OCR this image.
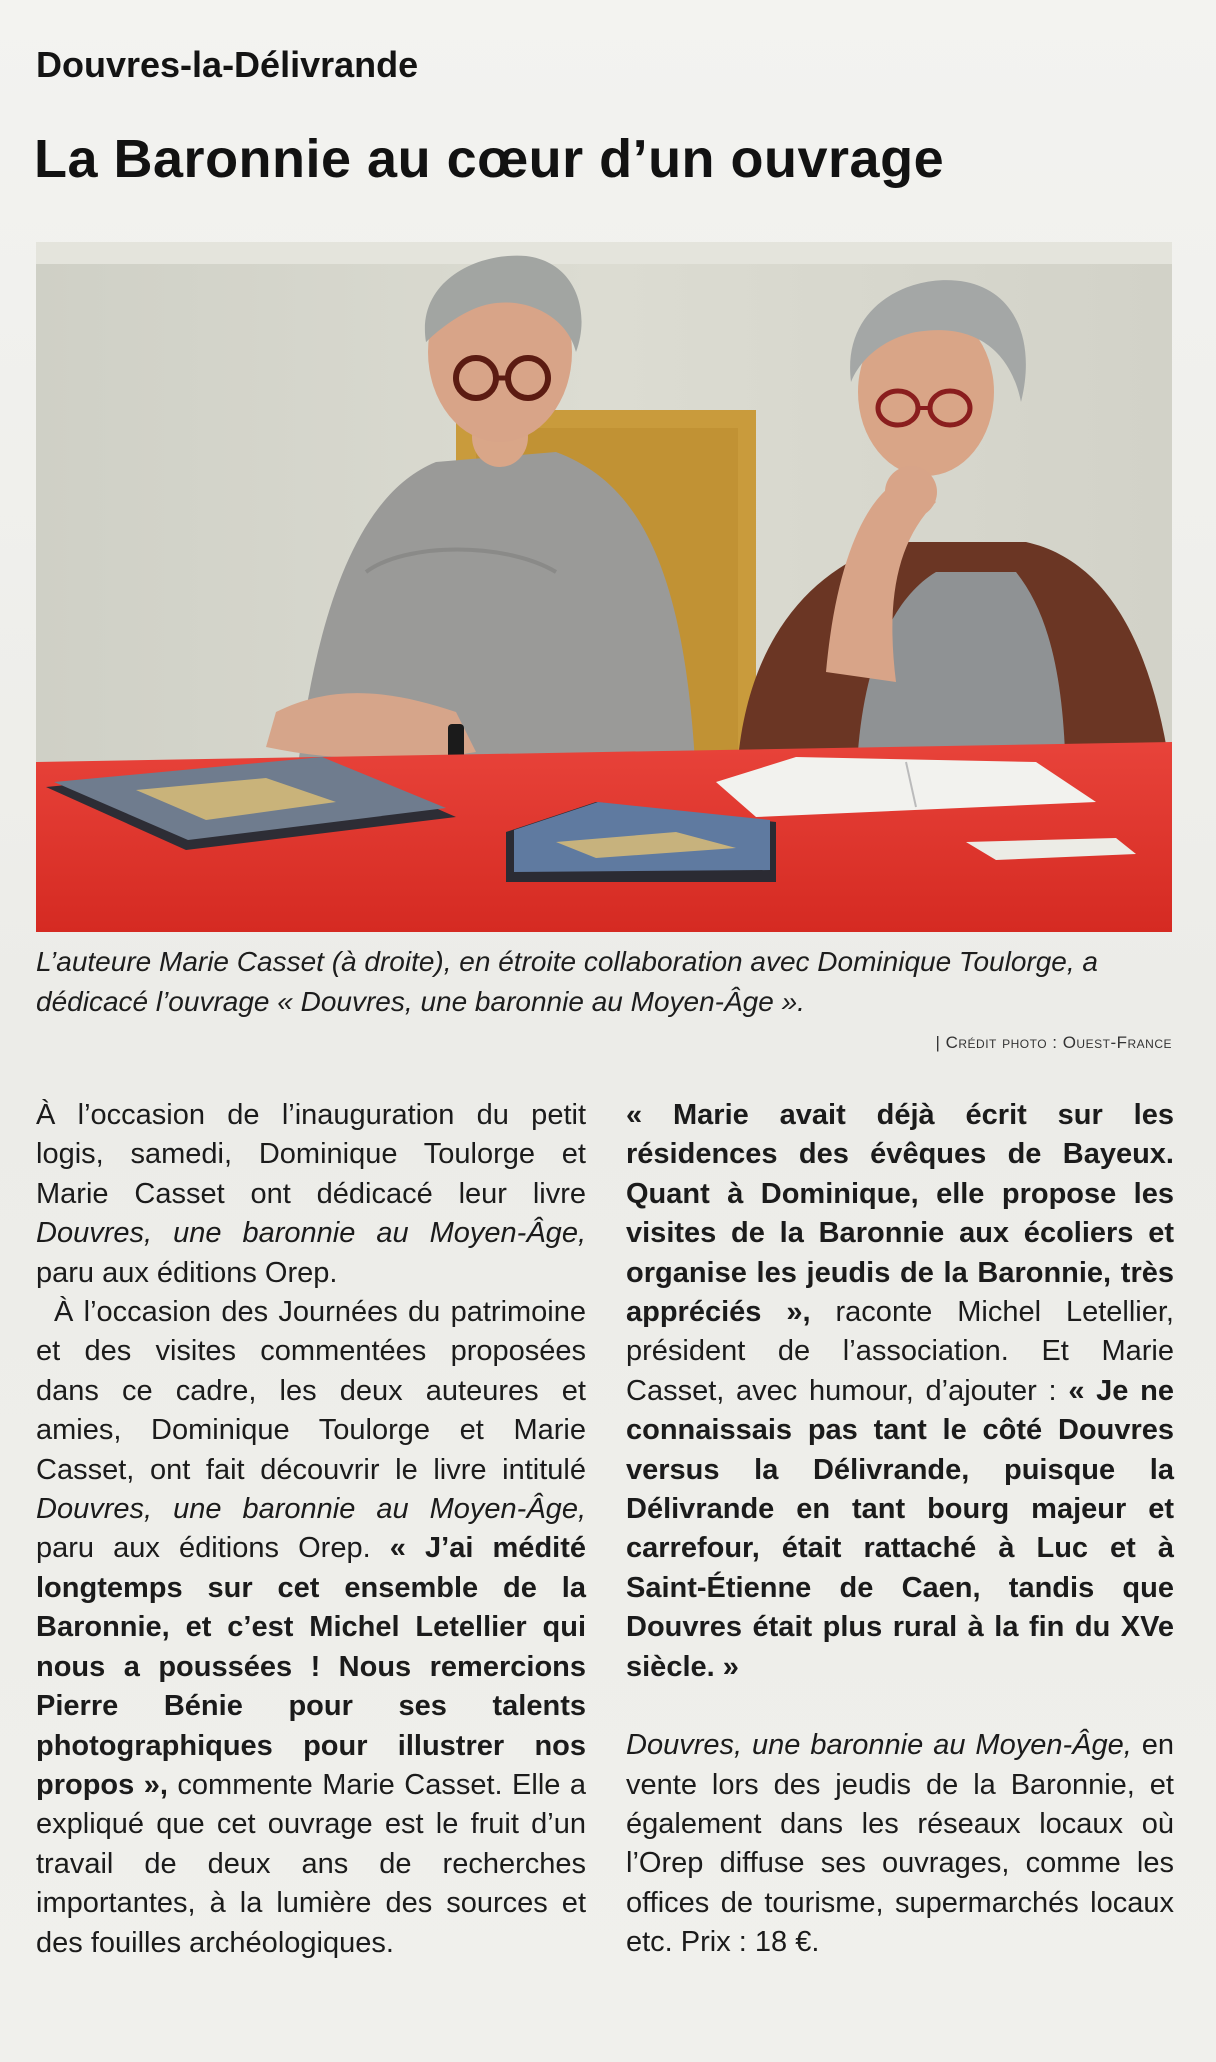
Douvres-la-Délivrande
La Baronnie au cœur d’un ouvrage
L’auteure Marie Casset (à droite), en étroite collaboration avec Dominique Toulorge, a dédicacé l’ouvrage « Douvres, une baronnie au Moyen-Âge ».
| Crédit photo : Ouest-France

À l’occasion de l’inauguration du petit logis, samedi, Dominique Toulorge et Marie Casset ont dédicacé leur livre Douvres, une baronnie au Moyen-Âge, paru aux éditions Orep.

À l’occasion des Journées du patrimoine et des visites commentées proposées dans ce cadre, les deux auteures et amies, Dominique Toulorge et Marie Casset, ont fait découvrir le livre intitulé Douvres, une baronnie au Moyen-Âge, paru aux éditions Orep. « J’ai médité longtemps sur cet ensemble de la Baronnie, et c’est Michel Letellier qui nous a poussées ! Nous remercions Pierre Bénie pour ses talents photographiques pour illustrer nos propos », commente Marie Casset. Elle a expliqué que cet ouvrage est le fruit d’un travail de deux ans de recherches importantes, à la lumière des sources et des fouilles archéologiques.

« Marie avait déjà écrit sur les résidences des évêques de Bayeux. Quant à Dominique, elle propose les visites de la Baronnie aux écoliers et organise les jeudis de la Baronnie, très appréciés », raconte Michel Letellier, président de l’association. Et Marie Casset, avec humour, d’ajouter : « Je ne connaissais pas tant le côté Douvres versus la Délivrande, puisque la Délivrande en tant bourg majeur et carrefour, était rattaché à Luc et à Saint-Étienne de Caen, tandis que Douvres était plus rural à la fin du XVe siècle. »

Douvres, une baronnie au Moyen-Âge, en vente lors des jeudis de la Baronnie, et également dans les réseaux locaux où l’Orep diffuse ses ouvrages, comme les offices de tourisme, supermarchés locaux etc. Prix : 18 €.
